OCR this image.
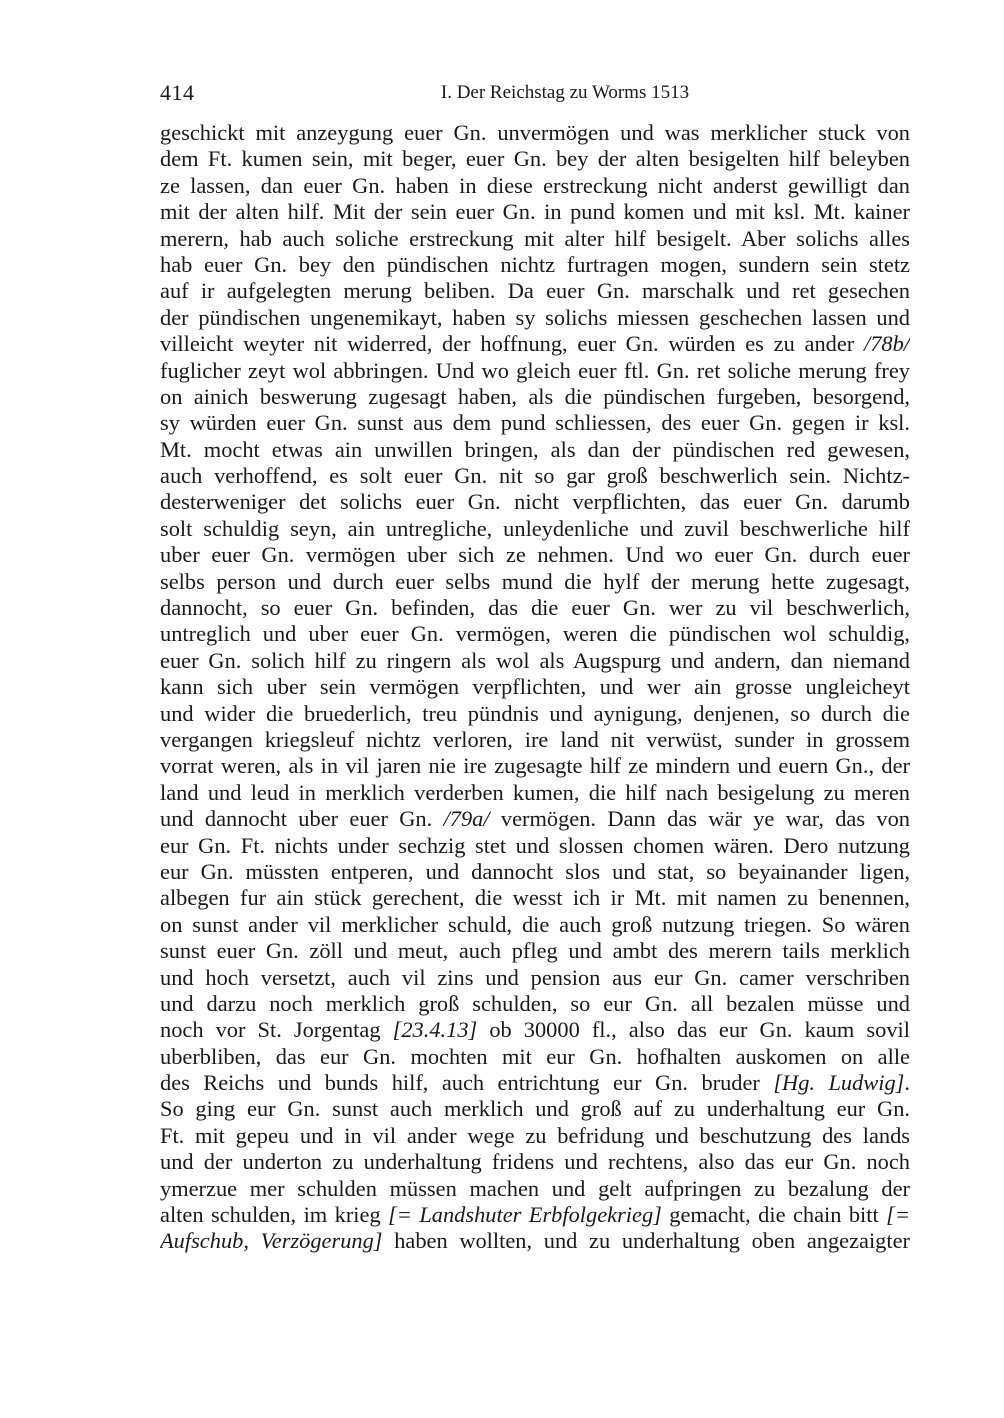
414	I. Der Reichstag zu Worms 1513
geschickt mit anzeygung euer Gn. unvermögen und was merklicher stuck von
dem Ft. kumen sein, mit beger, euer Gn. bey der alten besigelten hilf beleyben
ze lassen, dan euer Gn. haben in diese erstreckung nicht anderst gewilligt dan
mit der alten hilf. Mit der sein euer Gn. in pund komen und mit ksl. Mt. kainer
merern, hab auch soliche erstreckung mit alter hilf besigelt. Aber solichs alles
hab euer Gn. bey den pündischen nichtz furtragen mogen, sundern sein stetz
auf ir aufgelegten merung beliben. Da euer Gn. marschalk und ret gesechen
der pündischen ungenemikayt, haben sy solichs miessen geschechen lassen und
villeicht weyter nit widerred, der hoffnung, euer Gn. würden es zu ander /78b/
fuglicher zeyt wol abbringen. Und wo gleich euer ftl. Gn. ret soliche merung frey
on ainich beswerung zugesagt haben, als die pündischen furgeben, besorgend,
sy würden euer Gn. sunst aus dem pund schliessen, des euer Gn. gegen ir ksl.
Mt. mocht etwas ain unwillen bringen, als dan der pündischen red gewesen,
auch verhoffend, es solt euer Gn. nit so gar groß beschwerlich sein. Nichtz-
desterweniger det solichs euer Gn. nicht verpflichten, das euer Gn. darumb
solt schuldig seyn, ain untregliche, unleydenliche und zuvil beschwerliche hilf
uber euer Gn. vermögen uber sich ze nehmen. Und wo euer Gn. durch euer
selbs person und durch euer selbs mund die hylf der merung hette zugesagt,
dannocht, so euer Gn. befinden, das die euer Gn. wer zu vil beschwerlich,
untreglich und uber euer Gn. vermögen, weren die pündischen wol schuldig,
euer Gn. solich hilf zu ringern als wol als Augspurg und andern, dan niemand
kann sich uber sein vermögen verpflichten, und wer ain grosse ungleicheyt
und wider die bruederlich, treu pündnis und aynigung, denjenen, so durch die
vergangen kriegsleuf nichtz verloren, ire land nit verwüst, sunder in grossem
vorrat weren, als in vil jaren nie ire zugesagte hilf ze mindern und euern Gn., der
land und leud in merklich verderben kumen, die hilf nach besigelung zu meren
und dannocht uber euer Gn. /79a/ vermögen. Dann das wär ye war, das von
eur Gn. Ft. nichts under sechzig stet und slossen chomen wären. Dero nutzung
eur Gn. müssten entperen, und dannocht slos und stat, so beyainander ligen,
albegen fur ain stück gerechent, die wesst ich ir Mt. mit namen zu benennen,
on sunst ander vil merklicher schuld, die auch groß nutzung triegen. So wären
sunst euer Gn. zöll und meut, auch pfleg und ambt des merern tails merklich
und hoch versetzt, auch vil zins und pension aus eur Gn. camer verschriben
und darzu noch merklich groß schulden, so eur Gn. all bezalen müsse und
noch vor St. Jorgentag [23.4.13] ob 30000 fl., also das eur Gn. kaum sovil
uberbliben, das eur Gn. mochten mit eur Gn. hofhalten auskomen on alle
des Reichs und bunds hilf, auch entrichtung eur Gn. bruder [Hg. Ludwig].
So ging eur Gn. sunst auch merklich und groß auf zu underhaltung eur Gn.
Ft. mit gepeu und in vil ander wege zu befridung und beschutzung des lands
und der underton zu underhaltung fridens und rechtens, also das eur Gn. noch
ymerzue mer schulden müssen machen und gelt aufpringen zu bezalung der
alten schulden, im krieg [= Landshuter Erbfolgekrieg] gemacht, die chain bitt [=
Aufschub, Verzögerung] haben wollten, und zu underhaltung oben angezaigter
